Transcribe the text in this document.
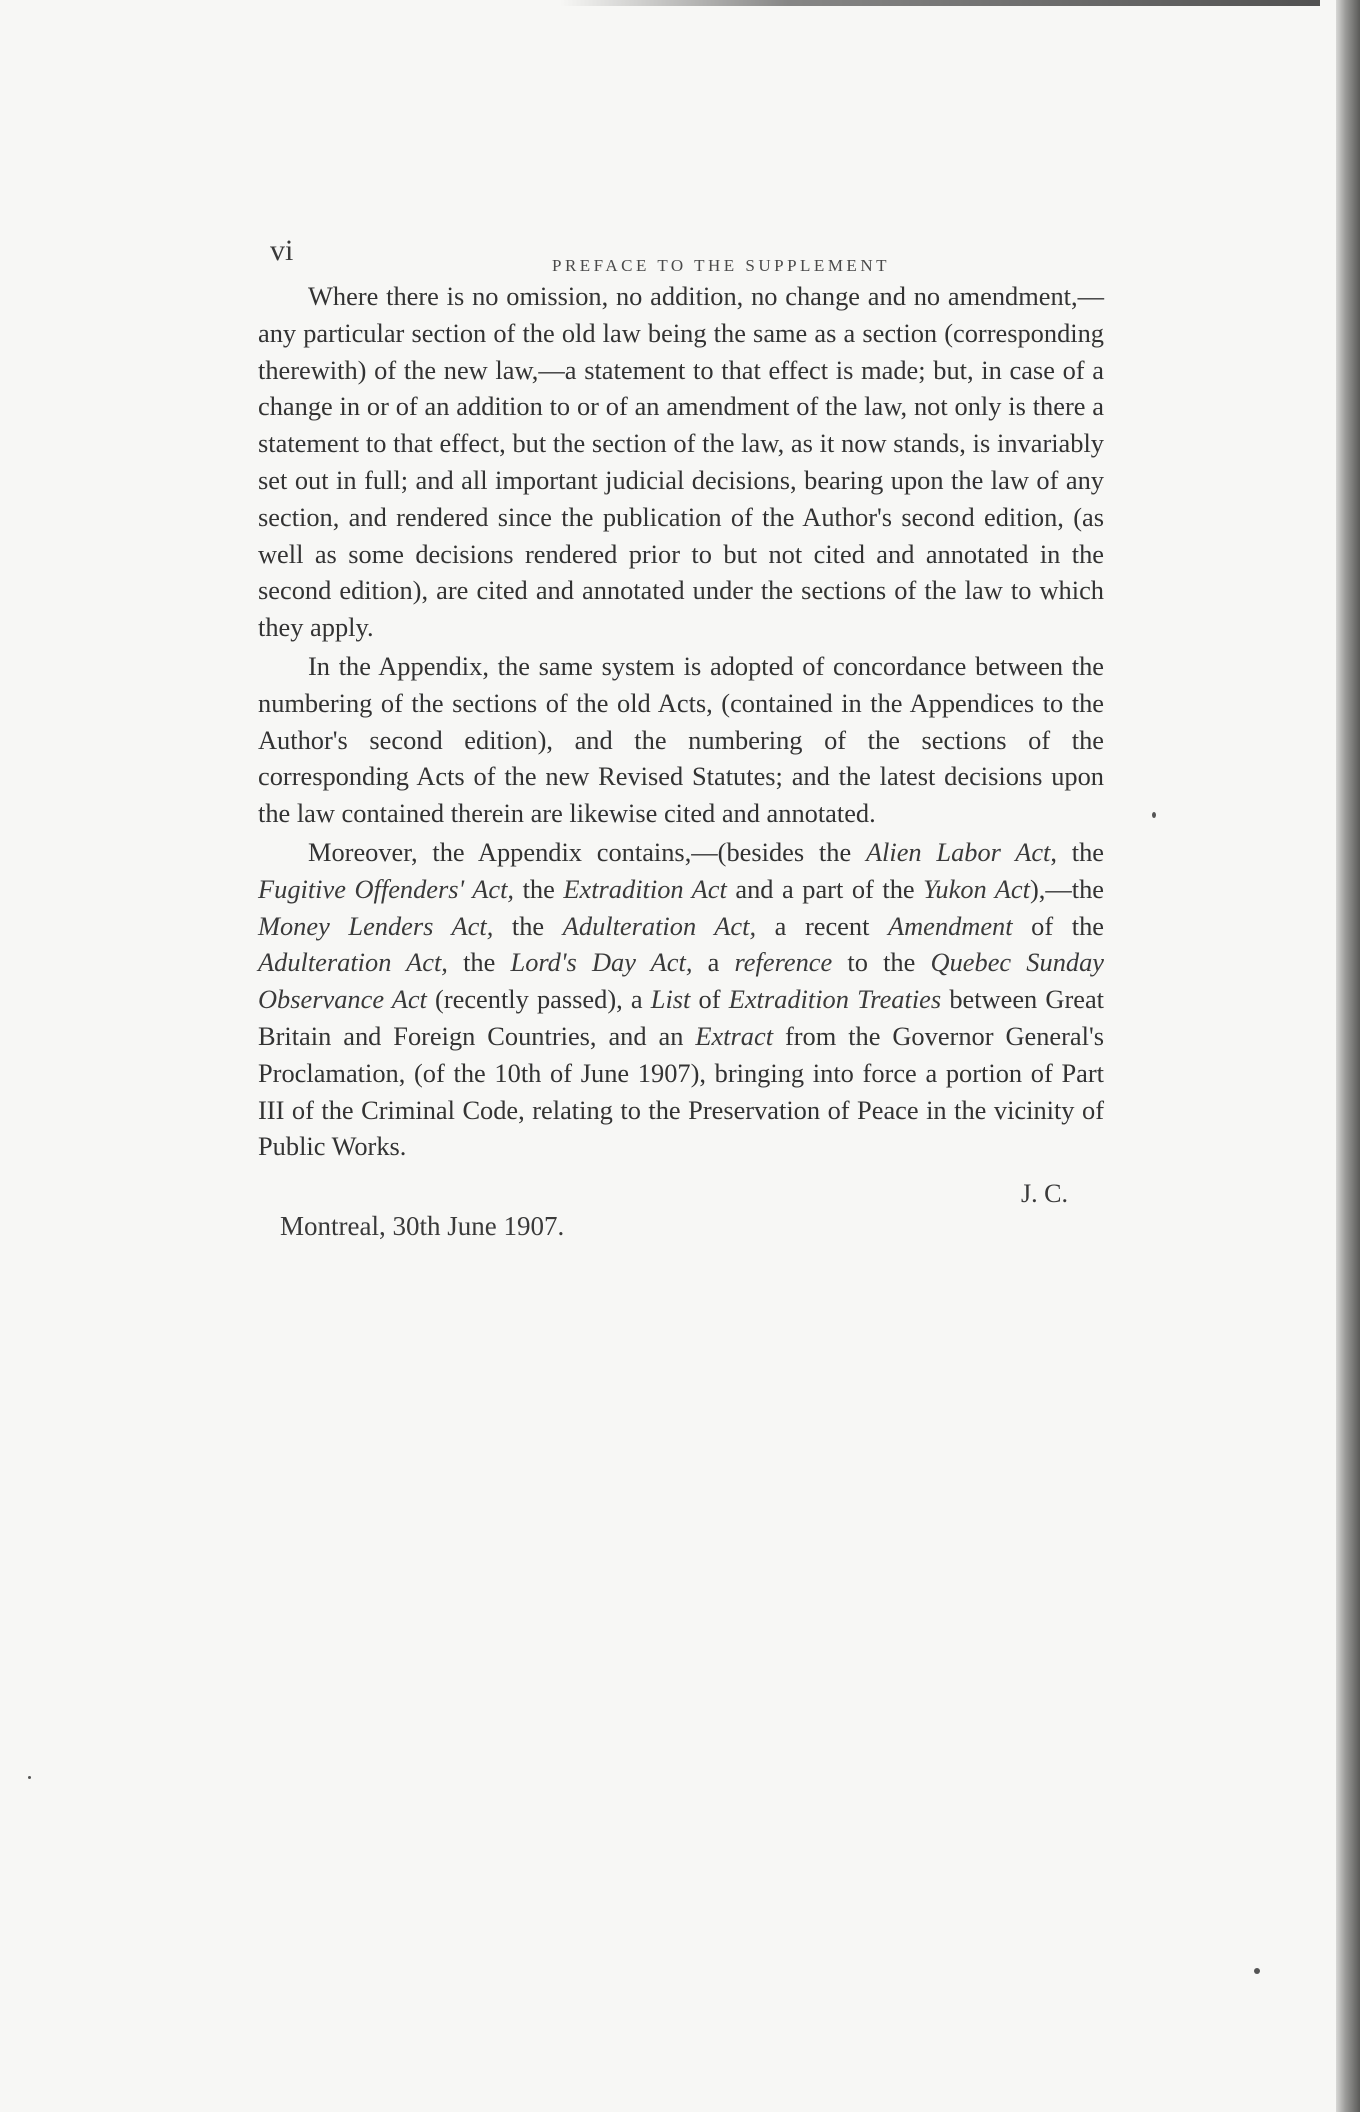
vi	PREFACE TO THE SUPPLEMENT

Where there is no omission, no addition, no change and no amendment,—any particular section of the old law being the same as a section (corresponding therewith) of the new law,—a statement to that effect is made; but, in case of a change in or of an addition to or of an amendment of the law, not only is there a statement to that effect, but the section of the law, as it now stands, is invariably set out in full; and all important judicial decisions, bearing upon the law of any section, and rendered since the publication of the Author's second edition, (as well as some decisions rendered prior to but not cited and annotated in the second edition), are cited and annotated under the sections of the law to which they apply.

In the Appendix, the same system is adopted of concordance between the numbering of the sections of the old Acts, (contained in the Appendices to the Author's second edition), and the numbering of the sections of the corresponding Acts of the new Revised Statutes; and the latest decisions upon the law contained therein are likewise cited and annotated.

Moreover, the Appendix contains,—(besides the Alien Labor Act, the Fugitive Offenders' Act, the Extradition Act and a part of the Yukon Act),—the Money Lenders Act, the Adulteration Act, a recent Amendment of the Adulteration Act, the Lord's Day Act, a reference to the Quebec Sunday Observance Act (recently passed), a List of Extradition Treaties between Great Britain and Foreign Countries, and an Extract from the Governor General's Proclamation, (of the 10th of June 1907), bringing into force a portion of Part III of the Criminal Code, relating to the Preservation of Peace in the vicinity of Public Works.

J. C.
Montreal, 30th June 1907.
